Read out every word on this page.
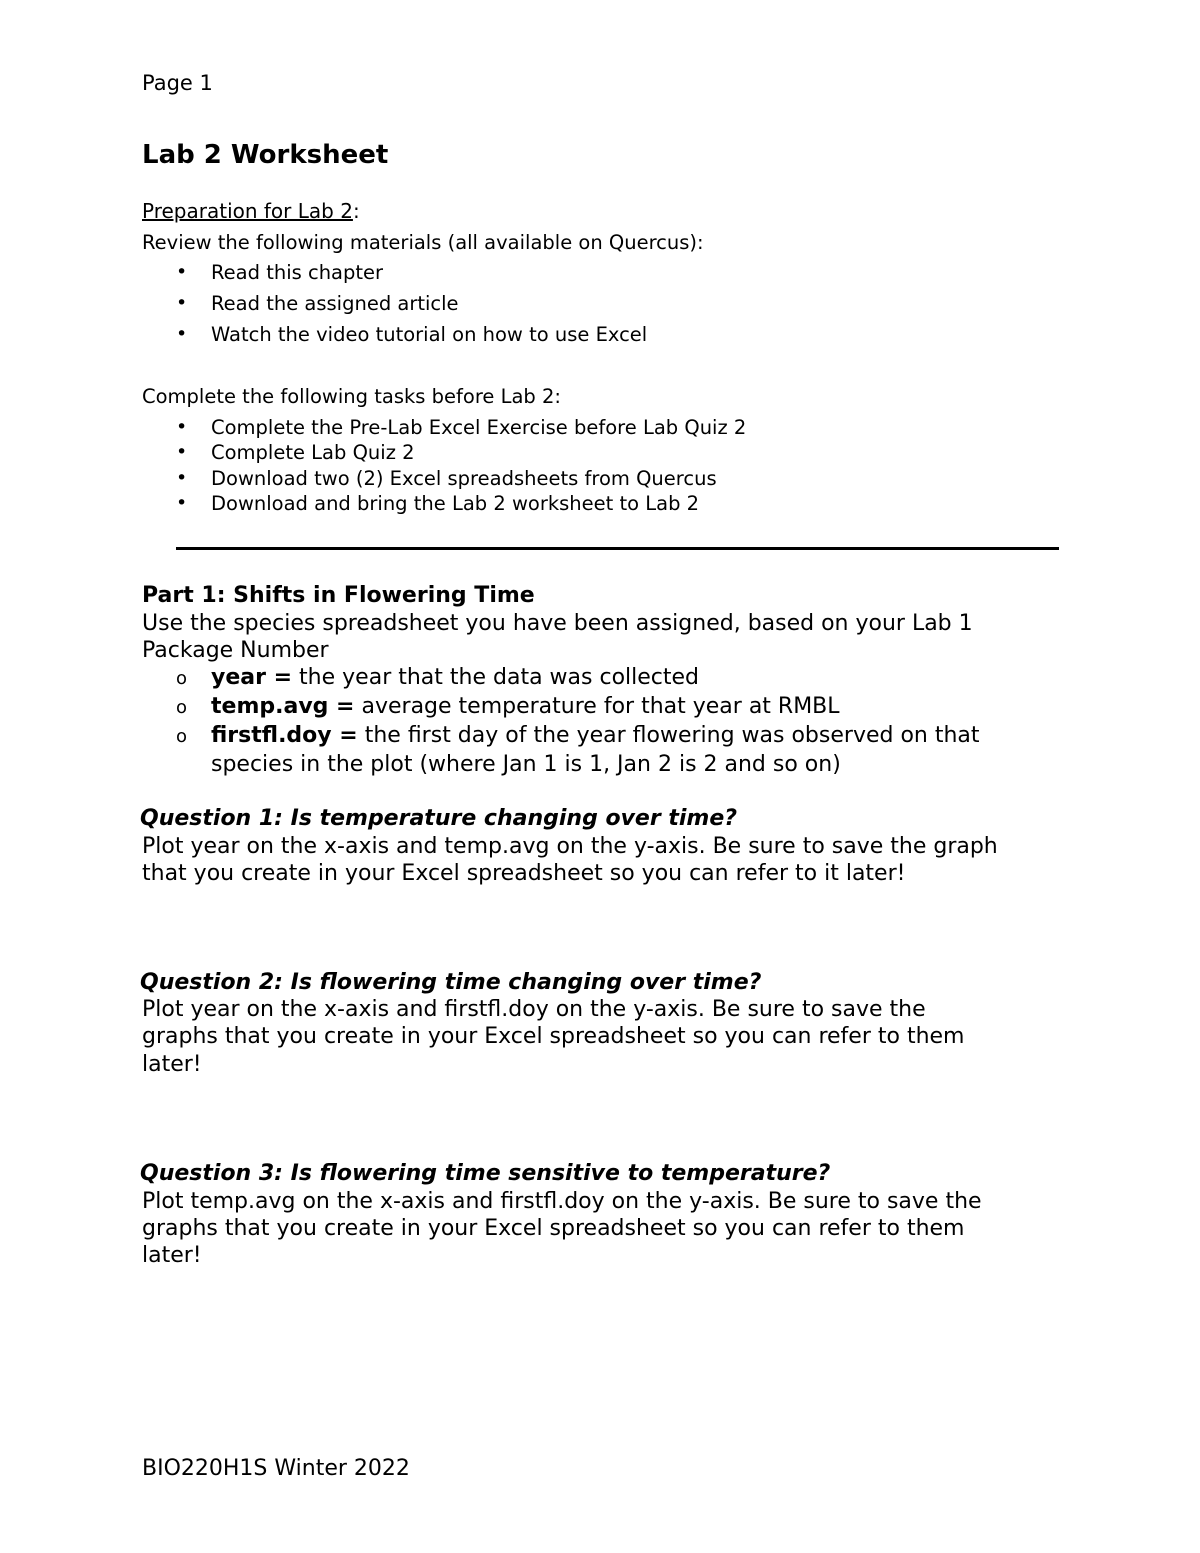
Page 1
Lab 2 Worksheet
Preparation for Lab 2:
Review the following materials (all available on Quercus):
• Read this chapter
• Read the assigned article
• Watch the video tutorial on how to use Excel
Complete the following tasks before Lab 2:
• Complete the Pre-Lab Excel Exercise before Lab Quiz 2
• Complete Lab Quiz 2
• Download two (2) Excel spreadsheets from Quercus
• Download and bring the Lab 2 worksheet to Lab 2
Part 1: Shifts in Flowering Time
Use the species spreadsheet you have been assigned, based on your Lab 1
Package Number
o year = the year that the data was collected
o temp.avg = average temperature for that year at RMBL
o firstfl.doy = the first day of the year flowering was observed on that
species in the plot (where Jan 1 is 1, Jan 2 is 2 and so on)
Question 1: Is temperature changing over time?
Plot year on the x-axis and temp.avg on the y-axis. Be sure to save the graph
that you create in your Excel spreadsheet so you can refer to it later!
Question 2: Is flowering time changing over time?
Plot year on the x-axis and firstfl.doy on the y-axis. Be sure to save the
graphs that you create in your Excel spreadsheet so you can refer to them
later!
Question 3: Is flowering time sensitive to temperature?
Plot temp.avg on the x-axis and firstfl.doy on the y-axis. Be sure to save the
graphs that you create in your Excel spreadsheet so you can refer to them
later!
BIO220H1S Winter 2022
